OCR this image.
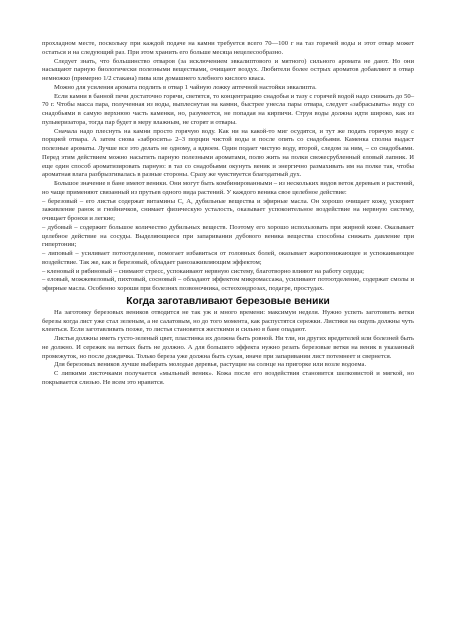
прохладном месте, поскольку при каждой подаче на камни требуется всего 70—100 г на таз горячей воды и этот отвар может остаться и на следующий раз. При этом хранить его больше месяца нецелесообразно.

Следует знать, что большинство отваров (за исключением эвкалиптового и мятного) сильного аромата не дают. Но они насыщают парную биологически полезными веществами, очищают воздух. Любители более острых ароматов добавляют в отвар немножко (примерно 1/2 стакана) пива или домашнего хлебного кислого кваса.

Можно для усиления аромата подлить в отвар 1 чайную ложку аптечной настойки эвкалипта.

Если камни в банной печи достаточно горячи, светятся, то концентрацию снадобья и тазу с горячей водой надо снижать до 50–70 г. Чтобы масса пара, полученная из воды, выплеснутая на камни, быстрее унесла пары отвара, следует «забрасывать» воду со снадобьями в самую верхнюю часть каменки, но, разумеется, не попадая на кирпичи. Струя воды должна идти широко, как из пульверизатора, тогда пар будет в меру влажным, не сгорят и отвары.

Сначала надо плеснуть на камни просто горячую воду. Как ни на какой-то миг осудятся, и тут же подать горячую воду с порцией отвара. А затем снова «забросить» 2–3 порции чистой воды и после опять со снадобьями. Каменка сполна выдаст полезные ароматы. Лучше все это делать не одному, а вдвоем. Один подает чистую воду, второй, следом за ним, – со снадобьями. Перед этим действием можно насытить парную полезными ароматами, полю жить на полки свежесрубленный еловый лапник. И еще один способ ароматизировать парную: в таз со снадобьями окунуть веник и энергично размахивать им на полке так, чтобы ароматная влага разбрызгивалась в разные стороны. Сразу же чувствуется благодатный дух.

Большое значение в бане имеют веники. Они могут быть комбинированными – из нескольких видов веток деревьев и растений, но чаще применяют связанный из прутьев одного вида растений. У каждого веника свое целебное действие:

– березовый – его листья содержат витамины С, А, дубильные вещества и эфирные масла. Он хорошо очищает кожу, ускоряет заживление ранок и гнойничков, снимает физическую усталость, оказывает успокоительное воздействие на нервную систему, очищает бронхи и легкие;

– дубовый – содержит большое количество дубильных веществ. Поэтому его хорошо использовать при жирной коже. Оказывает целебное действие на сосуды. Выделяющиеся при запаривании дубового веника вещества способны снижать давление при гипертонии;

– липовый – усиливает потоотделение, помогает избавиться от головных болей, оказывает жаропонижающее и успокаивающее воздействие. Так же, как и березовый, обладает ранозаживляющим эффектом;

– кленовый и рябиновый – снимают стресс, успокаивают нервную систему, благотворно влияют на работу сердца;

– еловый, можжевеловый, пихтовый, сосновый – обладают эффектом микромассажа, усиливают потоотделение, содержат смолы и эфирные масла. Особенно хороши при болезнях позвоночника, остеохондрозах, подагре, простудах.

Когда заготавливают березовые веники

На заготовку березовых веников отводится не так уж и много времени: максимум неделя. Нужно успеть заготовить ветки березы когда лист уже стал зеленым, а не салатовым, но до того момента, как распустятся сережки. Листики на ощупь должны чуть клеиться. Если заготавливать позже, то листья становятся жесткими и сильно в бане опадают.

Листья должны иметь густо-зеленый цвет, пластинка их должна быть ровной. Ни тли, ни других вредителей или болезней быть не должно. И сережек на ветках быть не должно. А для большего эффекта нужно резать березовые ветки на веник в указанный промежуток, но после дождичка. Только береза уже должна быть сухая, иначе при запаривании лист потемнеет и свернется.

Для березовых веников лучше выбирать молодые деревья, растущие на солнце на пригорке или возле водоема.

С липкими листочками получается «мыльный веник». Кожа после его воздействия становится шелковистой и мягкой, но покрывается слизью. Не всем это нравится.
